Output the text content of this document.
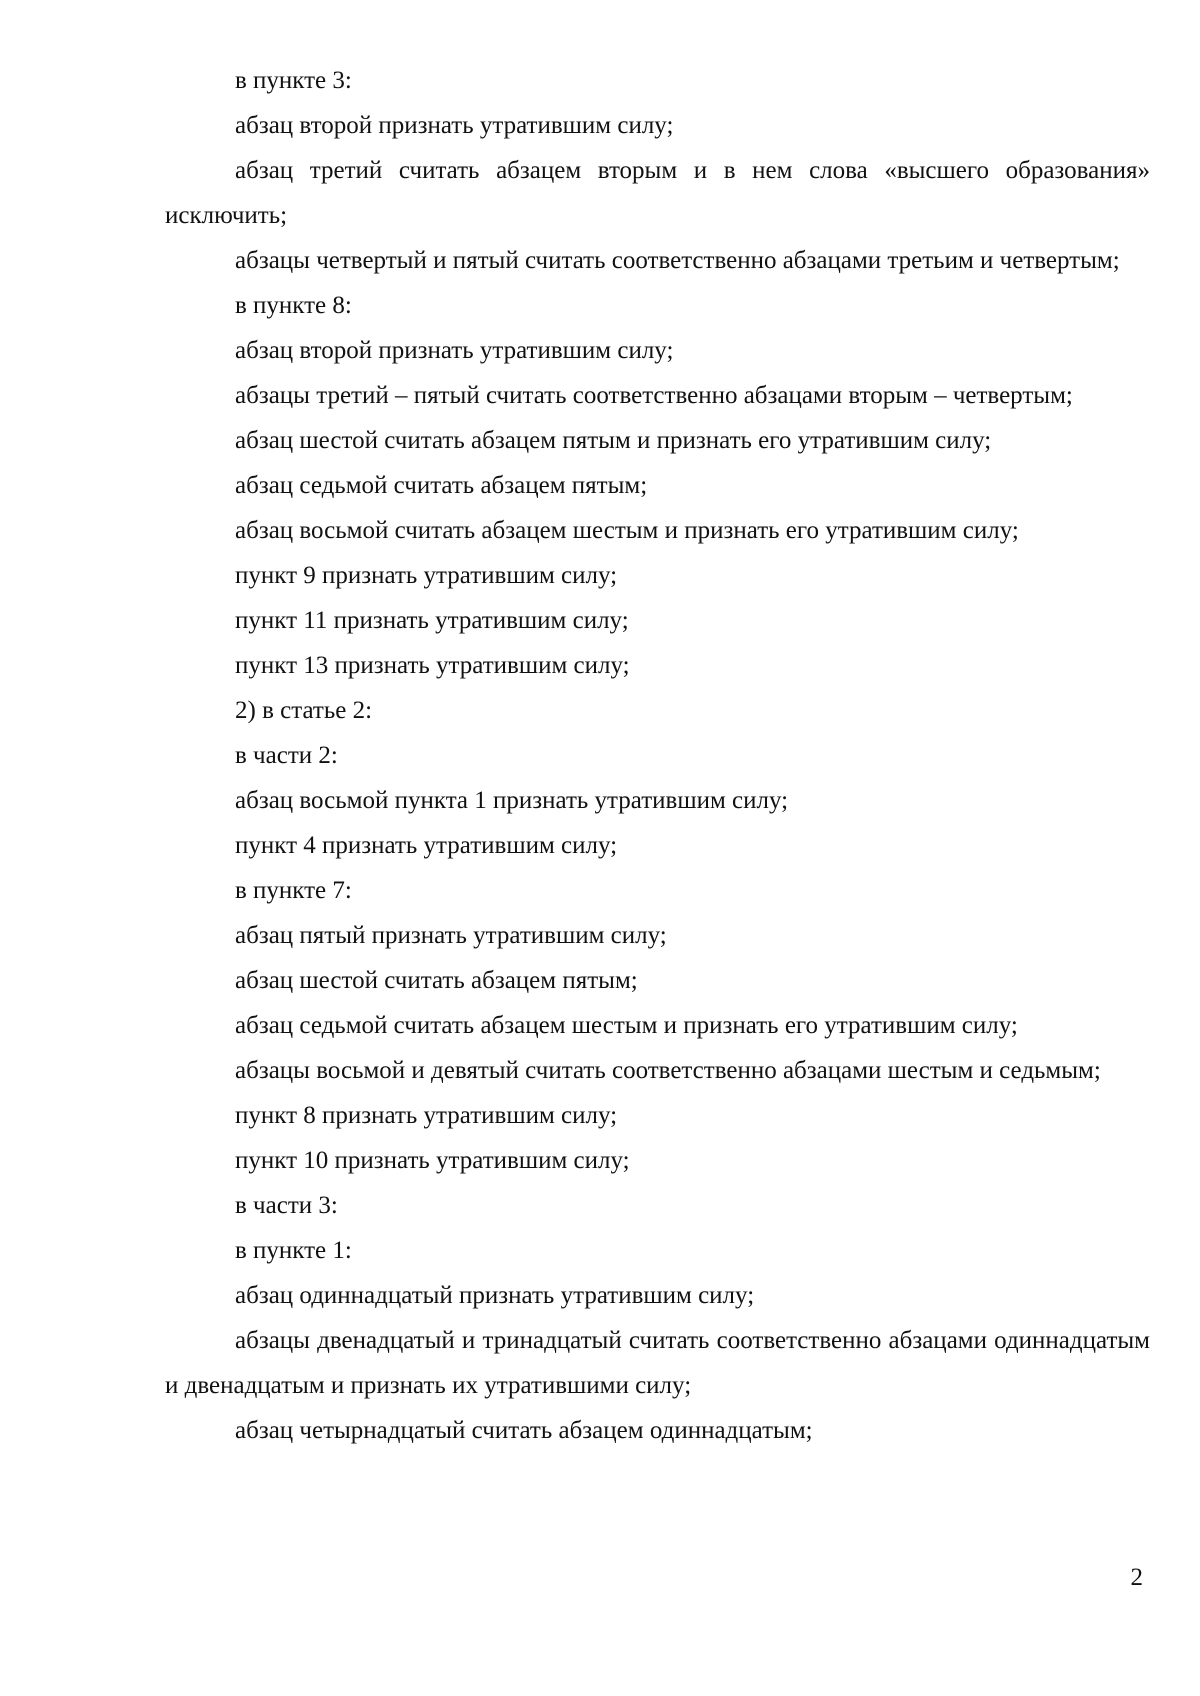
в пункте 3:

абзац второй признать утратившим силу;

абзац третий считать абзацем вторым и в нем слова «высшего образования» исключить;

абзацы четвертый и пятый считать соответственно абзацами третьим и четвертым;

в пункте 8:

абзац второй признать утратившим силу;

абзацы третий – пятый считать соответственно абзацами вторым – четвертым;

абзац шестой считать абзацем пятым и признать его утратившим силу;

абзац седьмой считать абзацем пятым;

абзац восьмой считать абзацем шестым и признать его утратившим силу;

пункт 9 признать утратившим силу;

пункт 11 признать утратившим силу;

пункт 13 признать утратившим силу;

2) в статье 2:

в части 2:

абзац восьмой пункта 1 признать утратившим силу;

пункт 4 признать утратившим силу;

в пункте 7:

абзац пятый признать утратившим силу;

абзац шестой считать абзацем пятым;

абзац седьмой считать абзацем шестым и признать его утратившим силу;

абзацы восьмой и девятый считать соответственно абзацами шестым и седьмым;

пункт 8 признать утратившим силу;

пункт 10 признать утратившим силу;

в части 3:

в пункте 1:

абзац одиннадцатый признать утратившим силу;

абзацы двенадцатый и тринадцатый считать соответственно абзацами одиннадцатым и двенадцатым и признать их утратившими силу;

абзац четырнадцатый считать абзацем одиннадцатым;

2
